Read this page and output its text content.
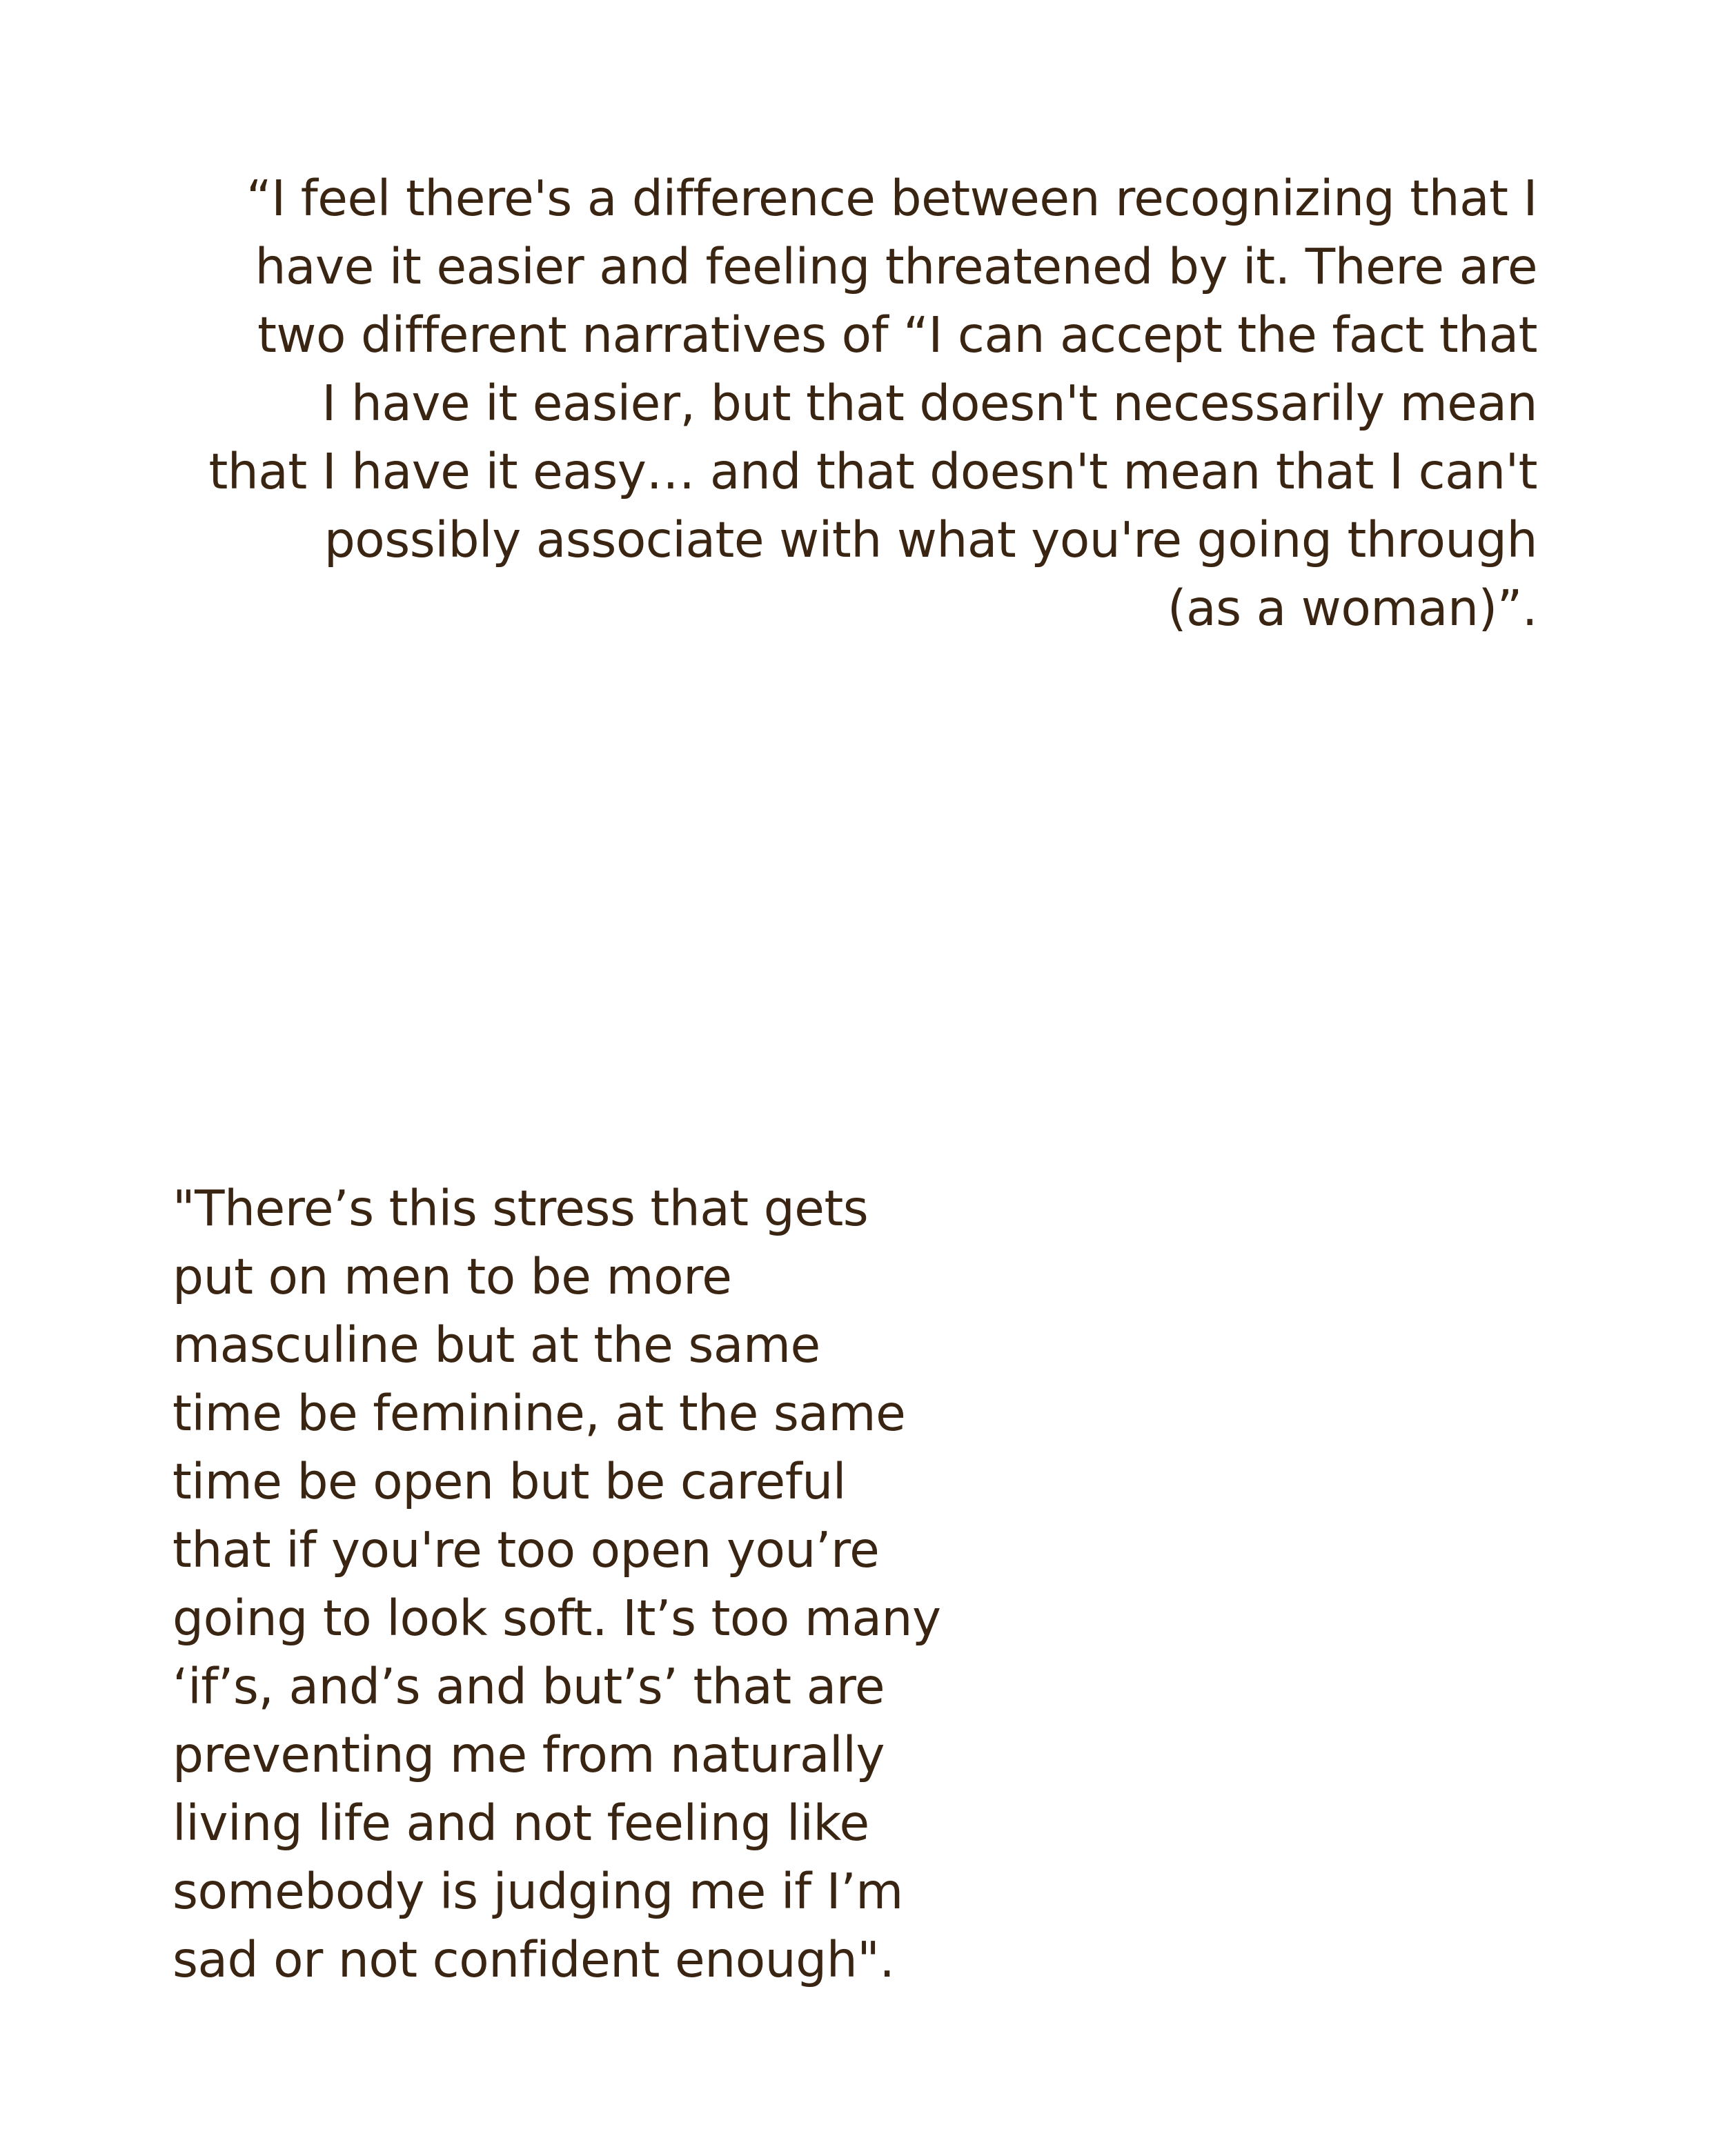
“I feel there's a difference between recognizing that I
have it easier and feeling threatened by it. There are
two different narratives of “I can accept the fact that
I have it easier, but that doesn't necessarily mean
that I have it easy… and that doesn't mean that I can't
possibly associate with what you're going through
(as a woman)”.
"There’s this stress that gets
put on men to be more
masculine but at the same
time be feminine, at the same
time be open but be careful
that if you're too open you’re
going to look soft. It’s too many
‘if’s, and’s and but’s’ that are
preventing me from naturally
living life and not feeling like
somebody is judging me if I’m
sad or not confident enough".
